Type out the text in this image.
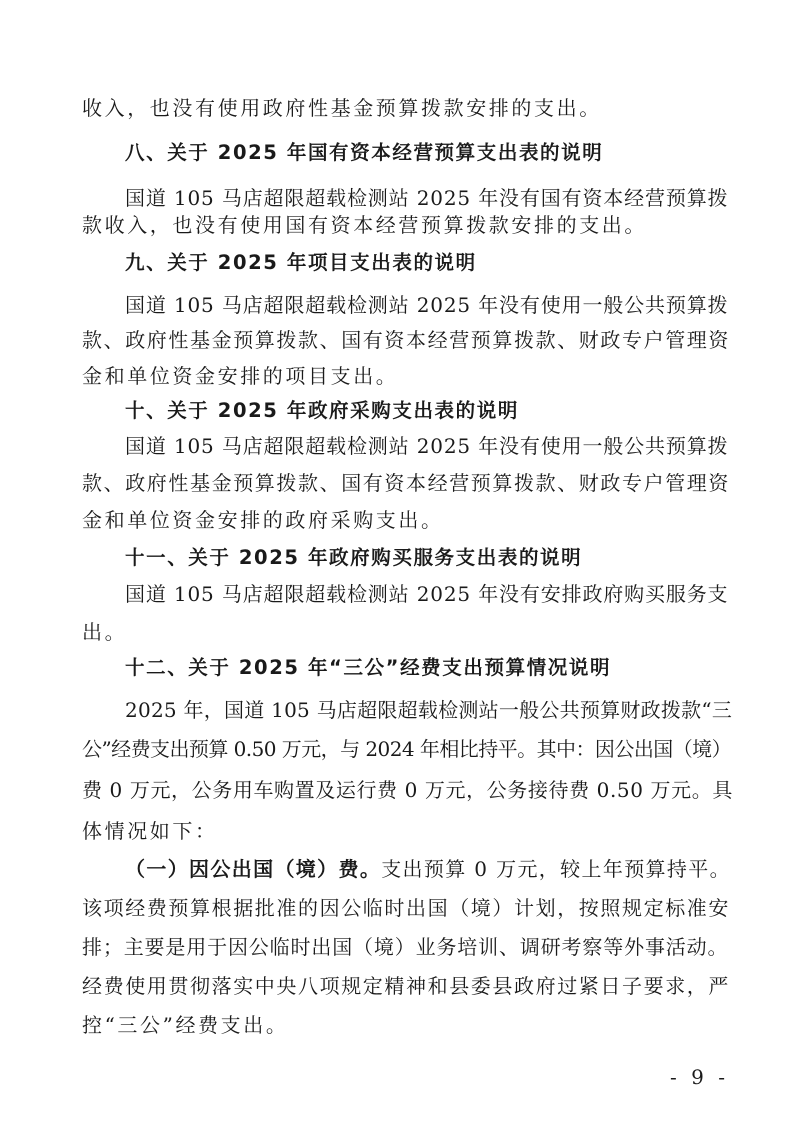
收入，也没有使用政府性基金预算拨款安排的支出。
八、关于 2025 年国有资本经营预算支出表的说明
国道 105 马店超限超载检测站 2025 年没有国有资本经营预算拨
款收入，也没有使用国有资本经营预算拨款安排的支出。
九、关于 2025 年项目支出表的说明
国道 105 马店超限超载检测站 2025 年没有使用一般公共预算拨
款、政府性基金预算拨款、国有资本经营预算拨款、财政专户管理资
金和单位资金安排的项目支出。
十、关于 2025 年政府采购支出表的说明
国道 105 马店超限超载检测站 2025 年没有使用一般公共预算拨
款、政府性基金预算拨款、国有资本经营预算拨款、财政专户管理资
金和单位资金安排的政府采购支出。
十一、关于 2025 年政府购买服务支出表的说明
国道 105 马店超限超载检测站 2025 年没有安排政府购买服务支
出。
十二、关于 2025 年“三公”经费支出预算情况说明
2025 年，国道 105 马店超限超载检测站一般公共预算财政拨款“三
公”经费支出预算 0.50 万元，与 2024 年相比持平。其中：因公出国（境）
费 0 万元，公务用车购置及运行费 0 万元，公务接待费 0.50 万元。具
体情况如下：
（一）因公出国（境）费。支出预算 0 万元，较上年预算持平。
该项经费预算根据批准的因公临时出国（境）计划，按照规定标准安
排；主要是用于因公临时出国（境）业务培训、调研考察等外事活动。
经费使用贯彻落实中央八项规定精神和县委县政府过紧日子要求，严
控“三公”经费支出。
- 9 -
